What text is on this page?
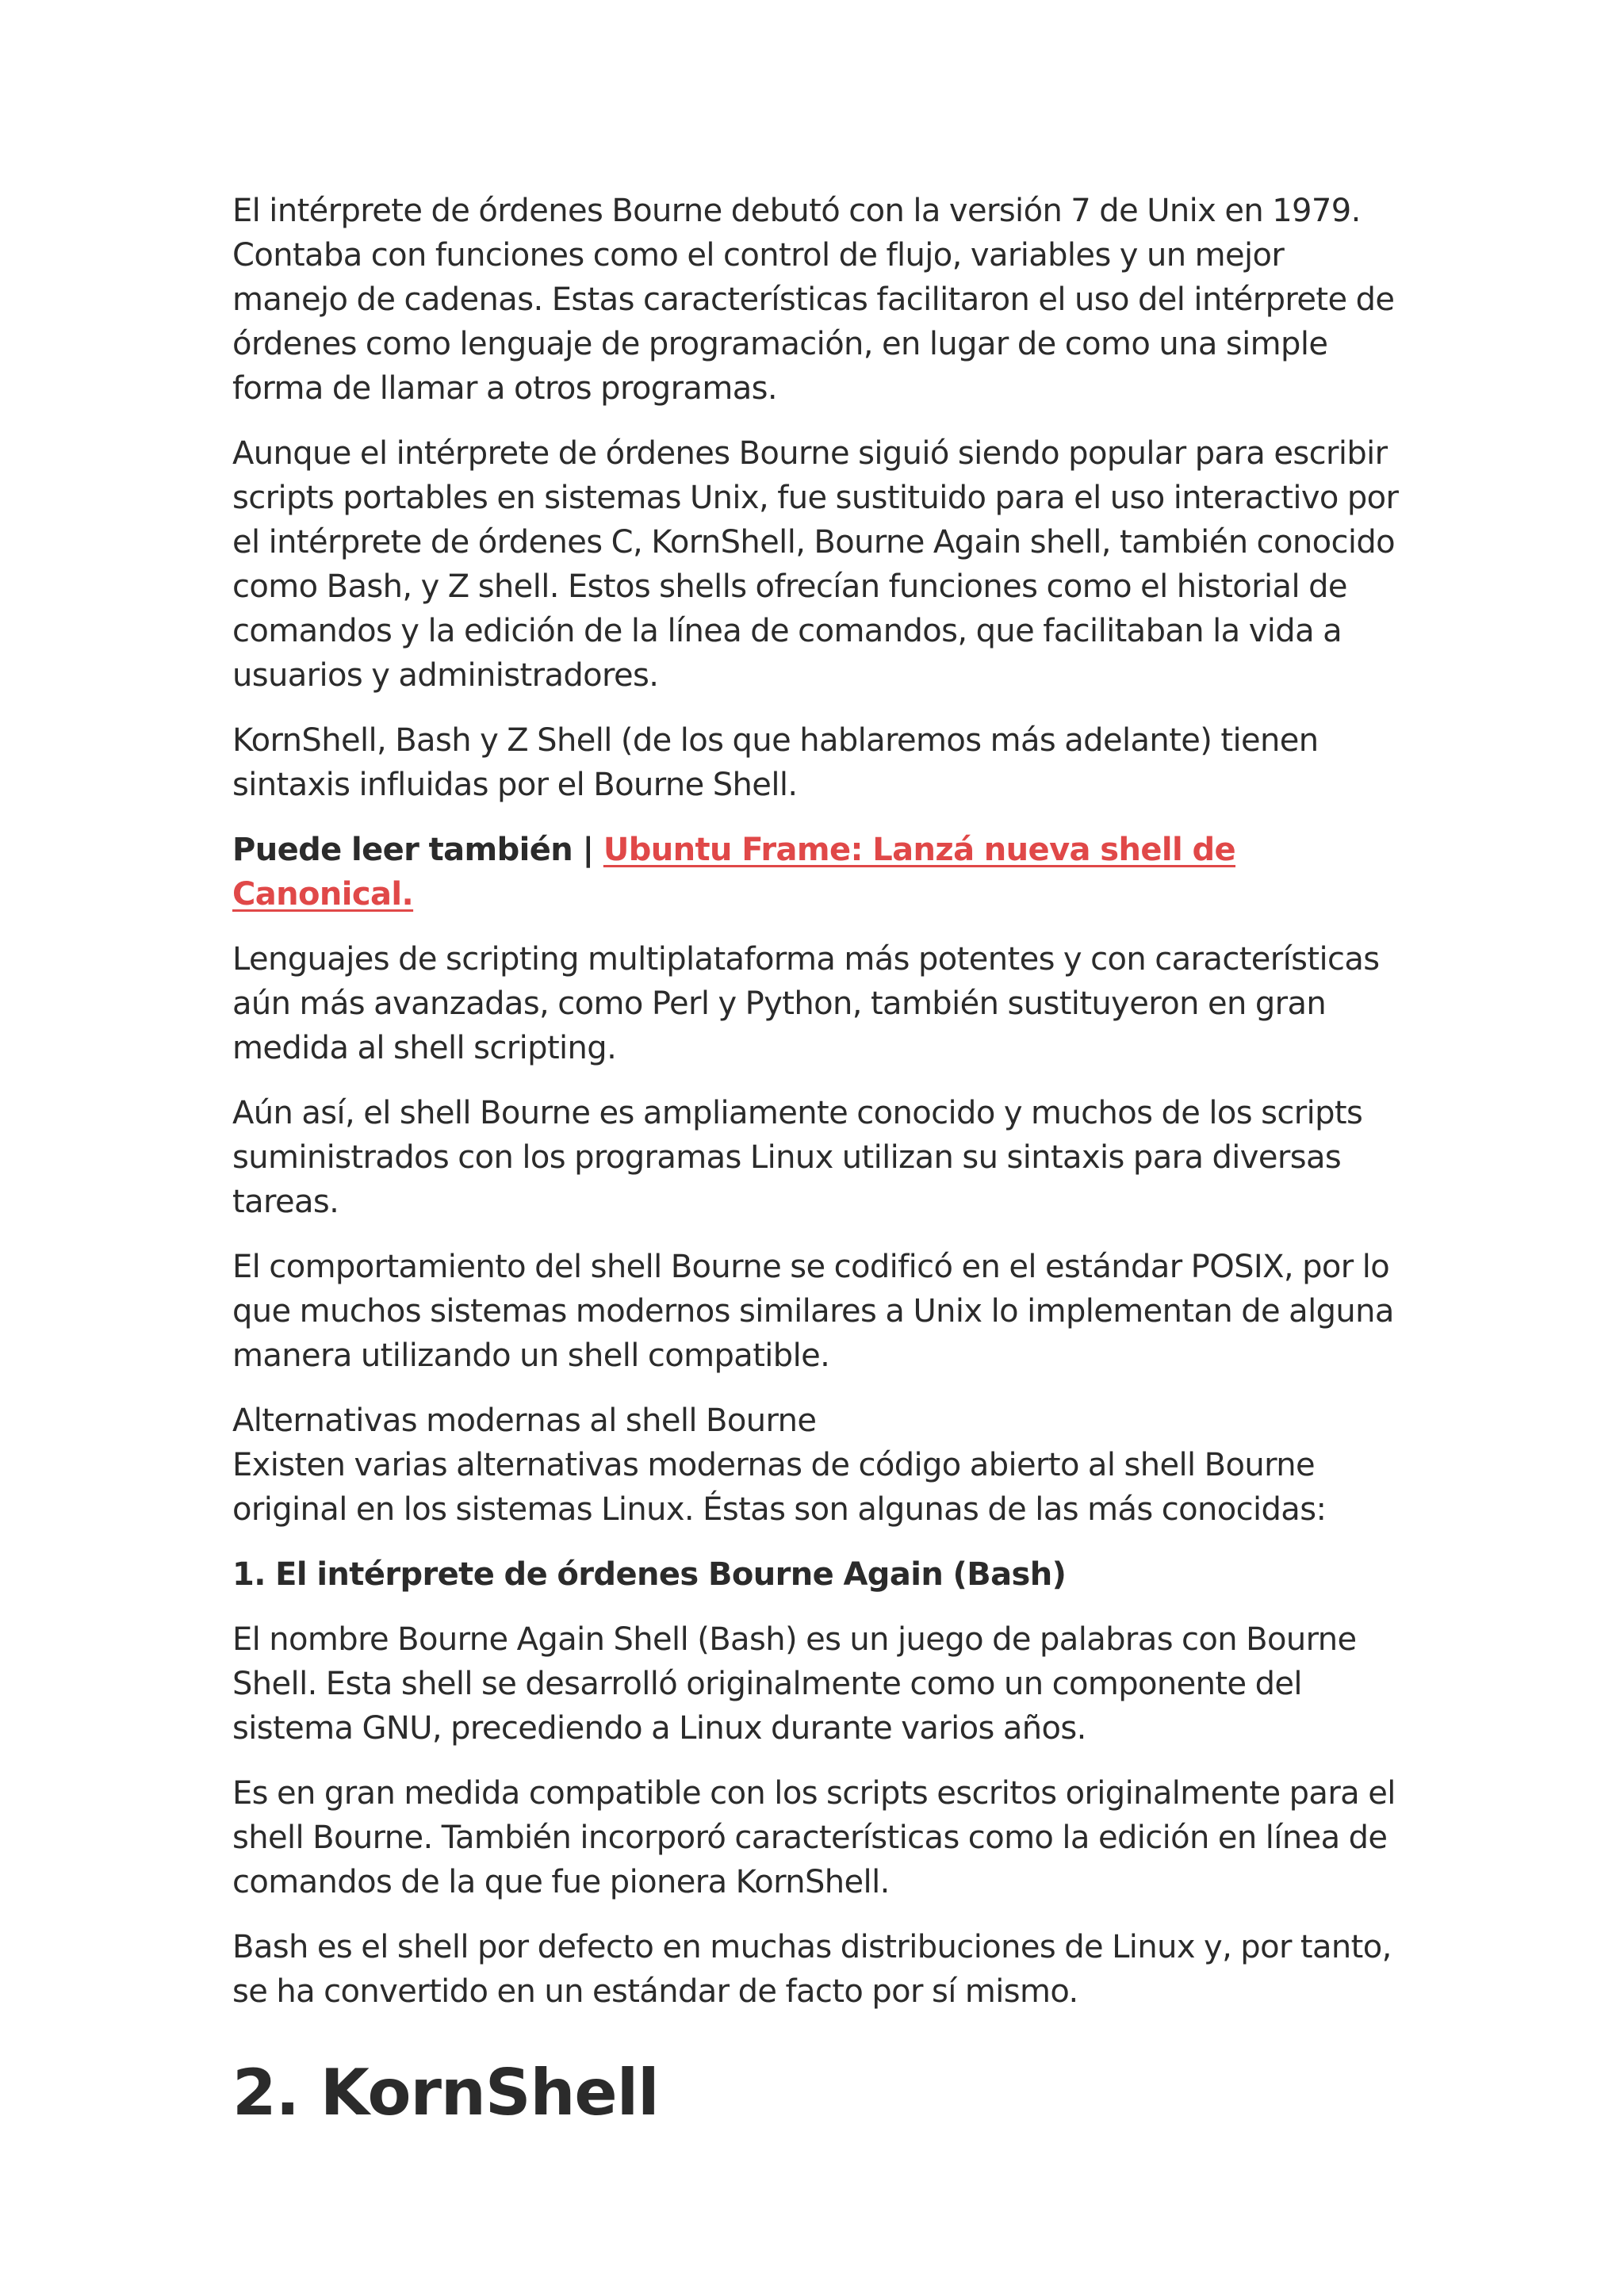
El intérprete de órdenes Bourne debutó con la versión 7 de Unix en 1979. Contaba con funciones como el control de flujo, variables y un mejor manejo de cadenas. Estas características facilitaron el uso del intérprete de órdenes como lenguaje de programación, en lugar de como una simple forma de llamar a otros programas.

Aunque el intérprete de órdenes Bourne siguió siendo popular para escribir scripts portables en sistemas Unix, fue sustituido para el uso interactivo por el intérprete de órdenes C, KornShell, Bourne Again shell, también conocido como Bash, y Z shell. Estos shells ofrecían funciones como el historial de comandos y la edición de la línea de comandos, que facilitaban la vida a usuarios y administradores.

KornShell, Bash y Z Shell (de los que hablaremos más adelante) tienen sintaxis influidas por el Bourne Shell.

Puede leer también | Ubuntu Frame: Lanzá nueva shell de Canonical.

Lenguajes de scripting multiplataforma más potentes y con características aún más avanzadas, como Perl y Python, también sustituyeron en gran medida al shell scripting.

Aún así, el shell Bourne es ampliamente conocido y muchos de los scripts suministrados con los programas Linux utilizan su sintaxis para diversas tareas.

El comportamiento del shell Bourne se codificó en el estándar POSIX, por lo que muchos sistemas modernos similares a Unix lo implementan de alguna manera utilizando un shell compatible.

Alternativas modernas al shell Bourne
Existen varias alternativas modernas de código abierto al shell Bourne original en los sistemas Linux. Éstas son algunas de las más conocidas:

1. El intérprete de órdenes Bourne Again (Bash)

El nombre Bourne Again Shell (Bash) es un juego de palabras con Bourne Shell. Esta shell se desarrolló originalmente como un componente del sistema GNU, precediendo a Linux durante varios años.

Es en gran medida compatible con los scripts escritos originalmente para el shell Bourne. También incorporó características como la edición en línea de comandos de la que fue pionera KornShell.

Bash es el shell por defecto en muchas distribuciones de Linux y, por tanto, se ha convertido en un estándar de facto por sí mismo.

2. KornShell
